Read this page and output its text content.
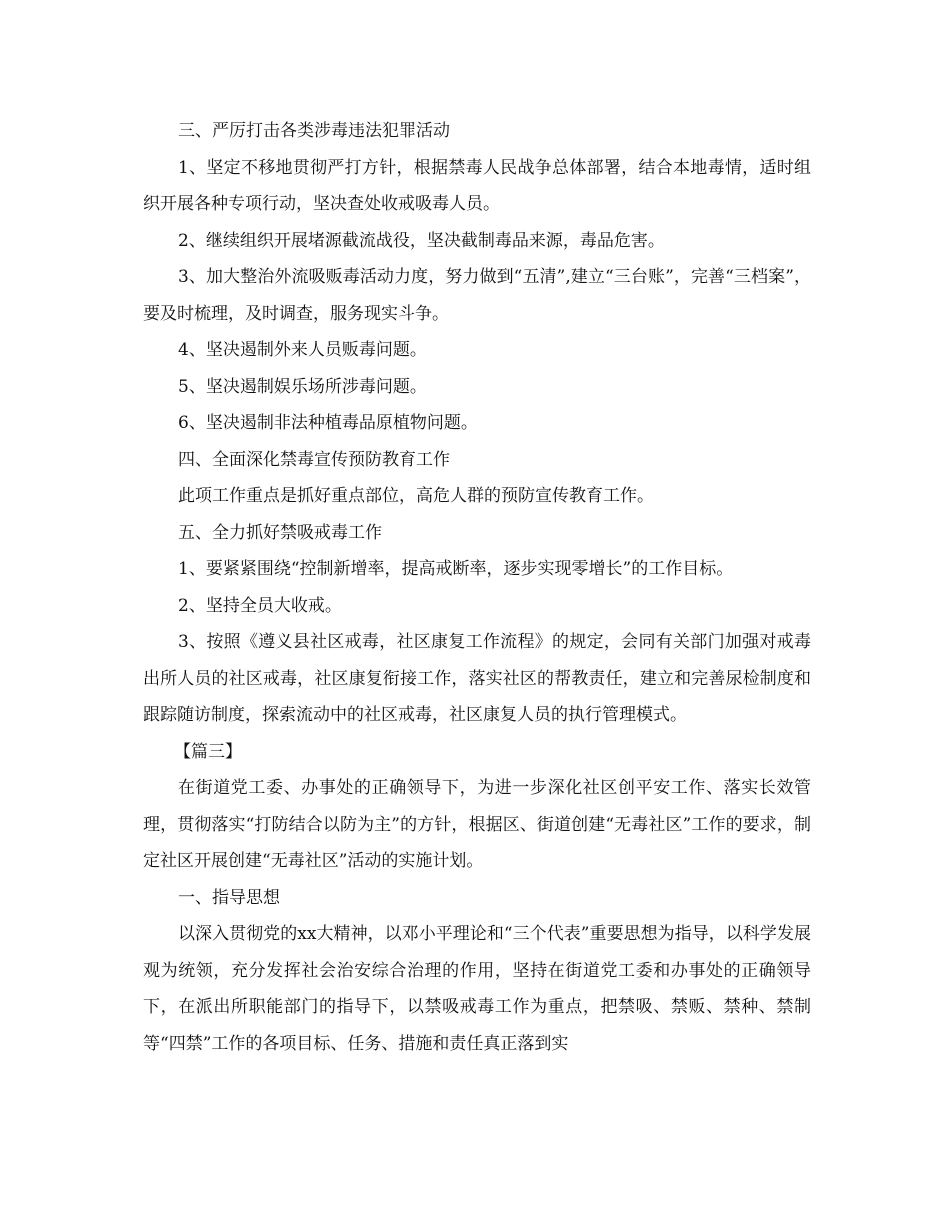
三、严厉打击各类涉毒违法犯罪活动

1、坚定不移地贯彻严打方针，根据禁毒人民战争总体部署，结合本地毒情，适时组织开展各种专项行动，坚决查处收戒吸毒人员。

2、继续组织开展堵源截流战役，坚决截制毒品来源，毒品危害。

3、加大整治外流吸贩毒活动力度，努力做到“五清”,建立“三台账”，完善“三档案”，要及时梳理，及时调查，服务现实斗争。

4、坚决遏制外来人员贩毒问题。

5、坚决遏制娱乐场所涉毒问题。

6、坚决遏制非法种植毒品原植物问题。

四、全面深化禁毒宣传预防教育工作

此项工作重点是抓好重点部位，高危人群的预防宣传教育工作。

五、全力抓好禁吸戒毒工作

1、要紧紧围绕“控制新增率，提高戒断率，逐步实现零增长”的工作目标。

2、坚持全员大收戒。

3、按照《遵义县社区戒毒，社区康复工作流程》的规定，会同有关部门加强对戒毒出所人员的社区戒毒，社区康复衔接工作，落实社区的帮教责任，建立和完善尿检制度和跟踪随访制度，探索流动中的社区戒毒，社区康复人员的执行管理模式。

【篇三】

在街道党工委、办事处的正确领导下，为进一步深化社区创平安工作、落实长效管理，贯彻落实“打防结合以防为主”的方针，根据区、街道创建“无毒社区”工作的要求，制定社区开展创建“无毒社区”活动的实施计划。

一、指导思想

以深入贯彻党的xx大精神，以邓小平理论和“三个代表”重要思想为指导，以科学发展观为统领，充分发挥社会治安综合治理的作用，坚持在街道党工委和办事处的正确领导下，在派出所职能部门的指导下，以禁吸戒毒工作为重点，把禁吸、禁贩、禁种、禁制等“四禁”工作的各项目标、任务、措施和责任真正落到实
